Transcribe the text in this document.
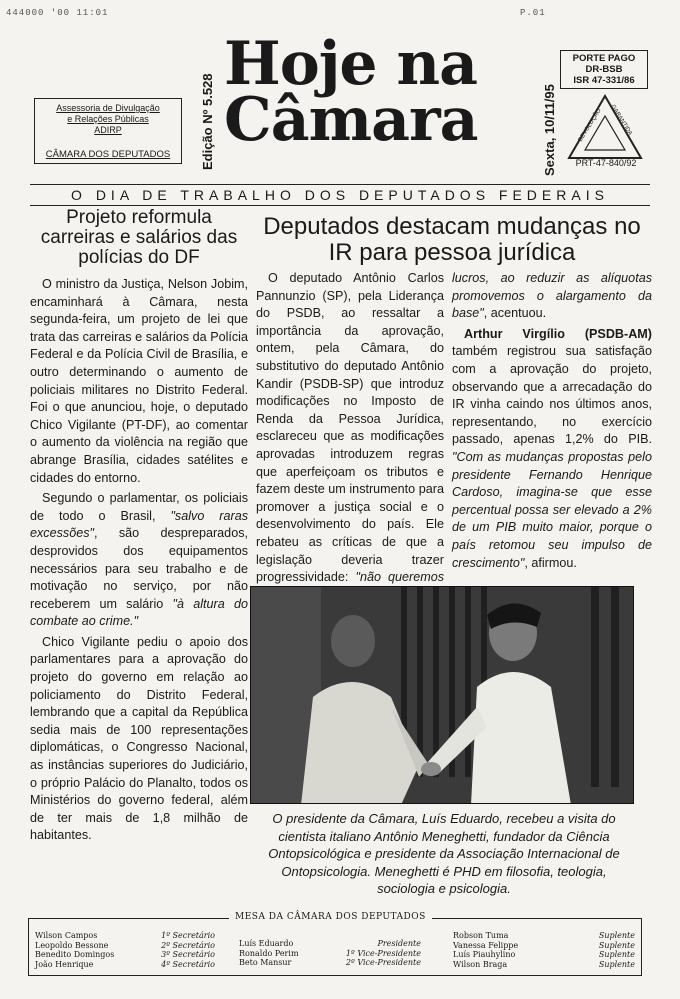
444000 '00 11:01	P.01
Assessoria de Divulgação
e Relações Públicas
ADIRP
CÂMARA DOS DEPUTADOS	Edição Nº 5.528
Hoje na
Câmara	Sexta, 10/11/95
PORTE PAGO
DR-BSB
ISR 47-331/86
DEVOLUÇÃO GARANTIDA
PRT-47-840/92
O DIA DE TRABALHO DOS DEPUTADOS FEDERAIS
Projeto reformula carreiras e salários das polícias do DF

O ministro da Justiça, Nelson Jobim, encaminhará à Câmara, nesta segunda-feira, um projeto de lei que trata das carreiras e salários da Polícia Federal e da Polícia Civil de Brasília, e outro determinando o aumento de policiais militares no Distrito Federal. Foi o que anunciou, hoje, o deputado Chico Vigilante (PT-DF), ao comentar o aumento da violência na região que abrange Brasília, cidades satélites e cidades do entorno.

Segundo o parlamentar, os policiais de todo o Brasil, "salvo raras excessões", são despreparados, desprovidos dos equipamentos necessários para seu trabalho e de motivação no serviço, por não receberem um salário "à altura do combate ao crime."

Chico Vigilante pediu o apoio dos parlamentares para a aprovação do projeto do governo em relação ao policiamento do Distrito Federal, lembrando que a capital da República sedia mais de 100 representações diplomáticas, o Congresso Nacional, as instâncias superiores do Judiciário, o próprio Palácio do Planalto, todos os Ministérios do governo federal, além de ter mais de 1,8 milhão de habitantes.

Deputados destacam mudanças no IR para pessoa jurídica

O deputado Antônio Carlos Pannunzio (SP), pela Liderança do PSDB, ao ressaltar a importância da aprovação, ontem, pela Câmara, do substitutivo do deputado Antônio Kandir (PSDB-SP) que introduz modificações no Imposto de Renda da Pessoa Jurídica, esclareceu que as modificações aprovadas introduzem regras que aperfeiçoam os tributos e fazem deste um instrumento para promover a justiça social e o desenvolvimento do país. Ele rebateu as críticas de que a legislação deveria trazer progressividade: "não queremos

lucros, ao reduzir as alíquotas promovemos o alargamento da base", acentuou.

Arthur Virgílio (PSDB-AM) também registrou sua satisfação com a aprovação do projeto, observando que a arrecadação do IR vinha caindo nos últimos anos, representando, no exercício passado, apenas 1,2% do PIB. "Com as mudanças propostas pelo presidente Fernando Henrique Cardoso, imagina-se que esse percentual possa ser elevado a 2% de um PIB muito maior, porque o país retomou seu impulso de crescimento", afirmou.

O presidente da Câmara, Luís Eduardo, recebeu a visita do cientista italiano Antônio Meneghetti, fundador da Ciência Ontopsicológica e presidente da Associação Internacional de Ontopsicologia. Meneghetti é PHD em filosofia, teologia, sociologia e psicologia.
MESA DA CÂMARA DOS DEPUTADOS
Wilson Campos	1º Secretário
Leopoldo Bessone	2º Secretário
Benedito Domingos	3º Secretário
João Henrique	4º Secretário
Luís Eduardo	Presidente
Ronaldo Perim	1º Vice-Presidente
Beto Mansur	2º Vice-Presidente
Robson Tuma	Suplente
Vanessa Felippe	Suplente
Luís Piauhylino	Suplente
Wilson Braga	Suplente
